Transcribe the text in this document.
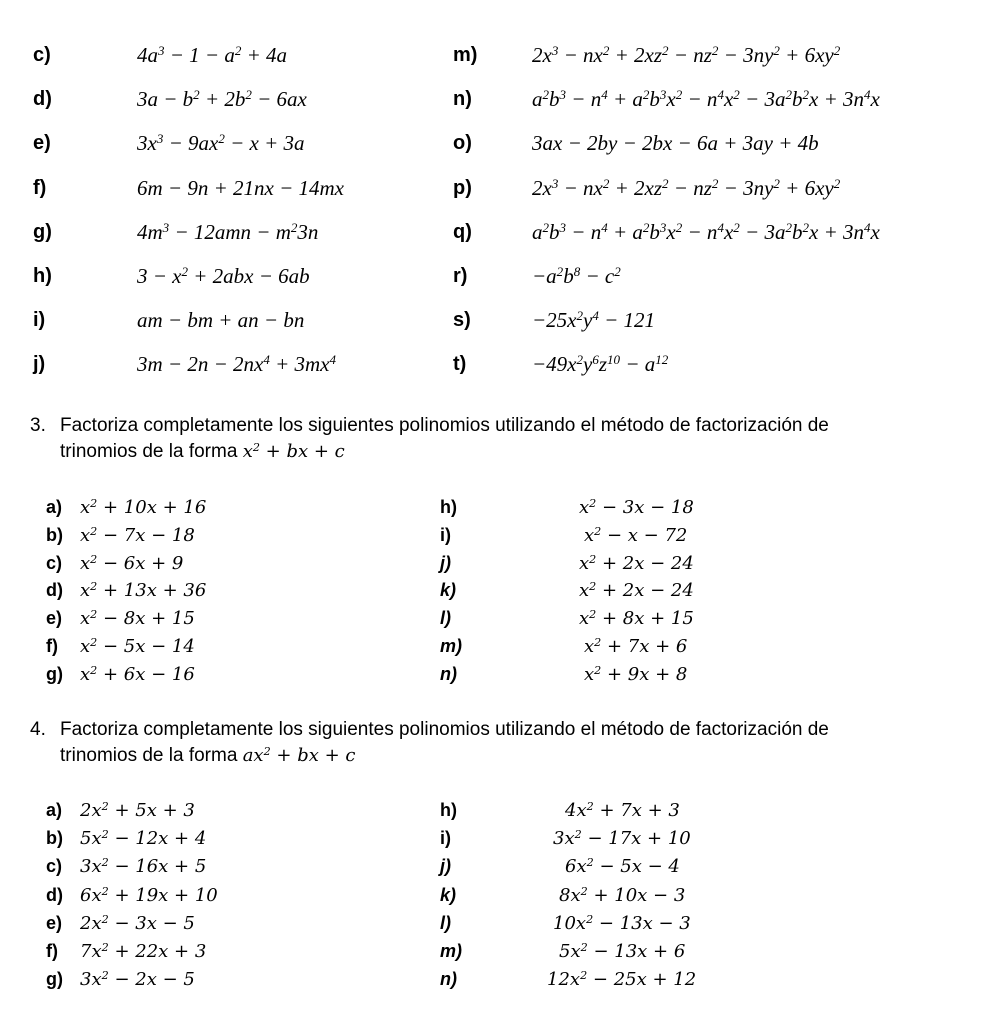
c)	$4a^3 - 1 - a^2 + 4a$
d)	$3a - b^2 + 2b^2 - 6ax$
e)	$3x^3 - 9ax^2 - x + 3a$
f)	6m − 9n + 21nx − 14mx
g)	$4m^3 - 12amn - m^23n$
h)	$3 - x^2 + 2abx - 6ab$
i)	am − bm + an − bn
j)	$3m - 2n - 2nx^4 + 3mx^4$
m)	$2x^3 - nx^2 + 2xz^2 - nz^2 - 3ny^2 + 6xy^2$
n)	$a^2b^3 - n^4 + a^2b^3x^2 - n^4x^2 - 3a^2b^2x + 3n^4x$
o)	3ax − 2by − 2bx − 6a + 3ay + 4b
p)	$2x^3 - nx^2 + 2xz^2 - nz^2 - 3ny^2 + 6xy^2$
q)	$a^2b^3 - n^4 + a^2b^3x^2 - n^4x^2 - 3a^2b^2x + 3n^4x$
r)	$-a^2b^8 - c^2$
s)	$-25x^2y^4 - 121$
t)	$-49x^2y^6z^{10} - a^{12}$
3. Factoriza completamente los siguientes polinomios utilizando el método de factorización de
trinomios de la forma $x^2$ + bx + c
a) $x^2 + 10x + 16$
b) $x^2 - 7x - 18$
c) $x^2 - 6x + 9$
d) $x^2 + 13x + 36$
e) $x^2 - 8x + 15$
f) $x^2 - 5x - 14$
g) $x^2 + 6x - 16$
h)	$x^2 - 3x - 18$
i)	$x^2 - x - 72$
j)	$x^2 + 2x - 24$
k)	$x^2 + 2x - 24$
l)	$x^2 + 8x + 15$
m)	$x^2 + 7x + 6$
n)	$x^2 + 9x + 8$
4. Factoriza completamente los siguientes polinomios utilizando el método de factorización de
trinomios de la forma $ax^2$ + bx + c
a) $2x^2 + 5x + 3$
b) $5x^2 - 12x + 4$
c) $3x^2 - 16x + 5$
d) $6x^2 + 19x + 10$
e) $2x^2 - 3x - 5$
f) $7x^2 + 22x + 3$
g) $3x^2 - 2x - 5$
h)	$4x^2 + 7x + 3$
i)	$3x^2 - 17x + 10$
j)	$6x^2 - 5x - 4$
k)	$8x^2 + 10x - 3$
l)	$10x^2 - 13x - 3$
m)	$5x^2 - 13x + 6$
n)	$12x^2 - 25x + 12$
